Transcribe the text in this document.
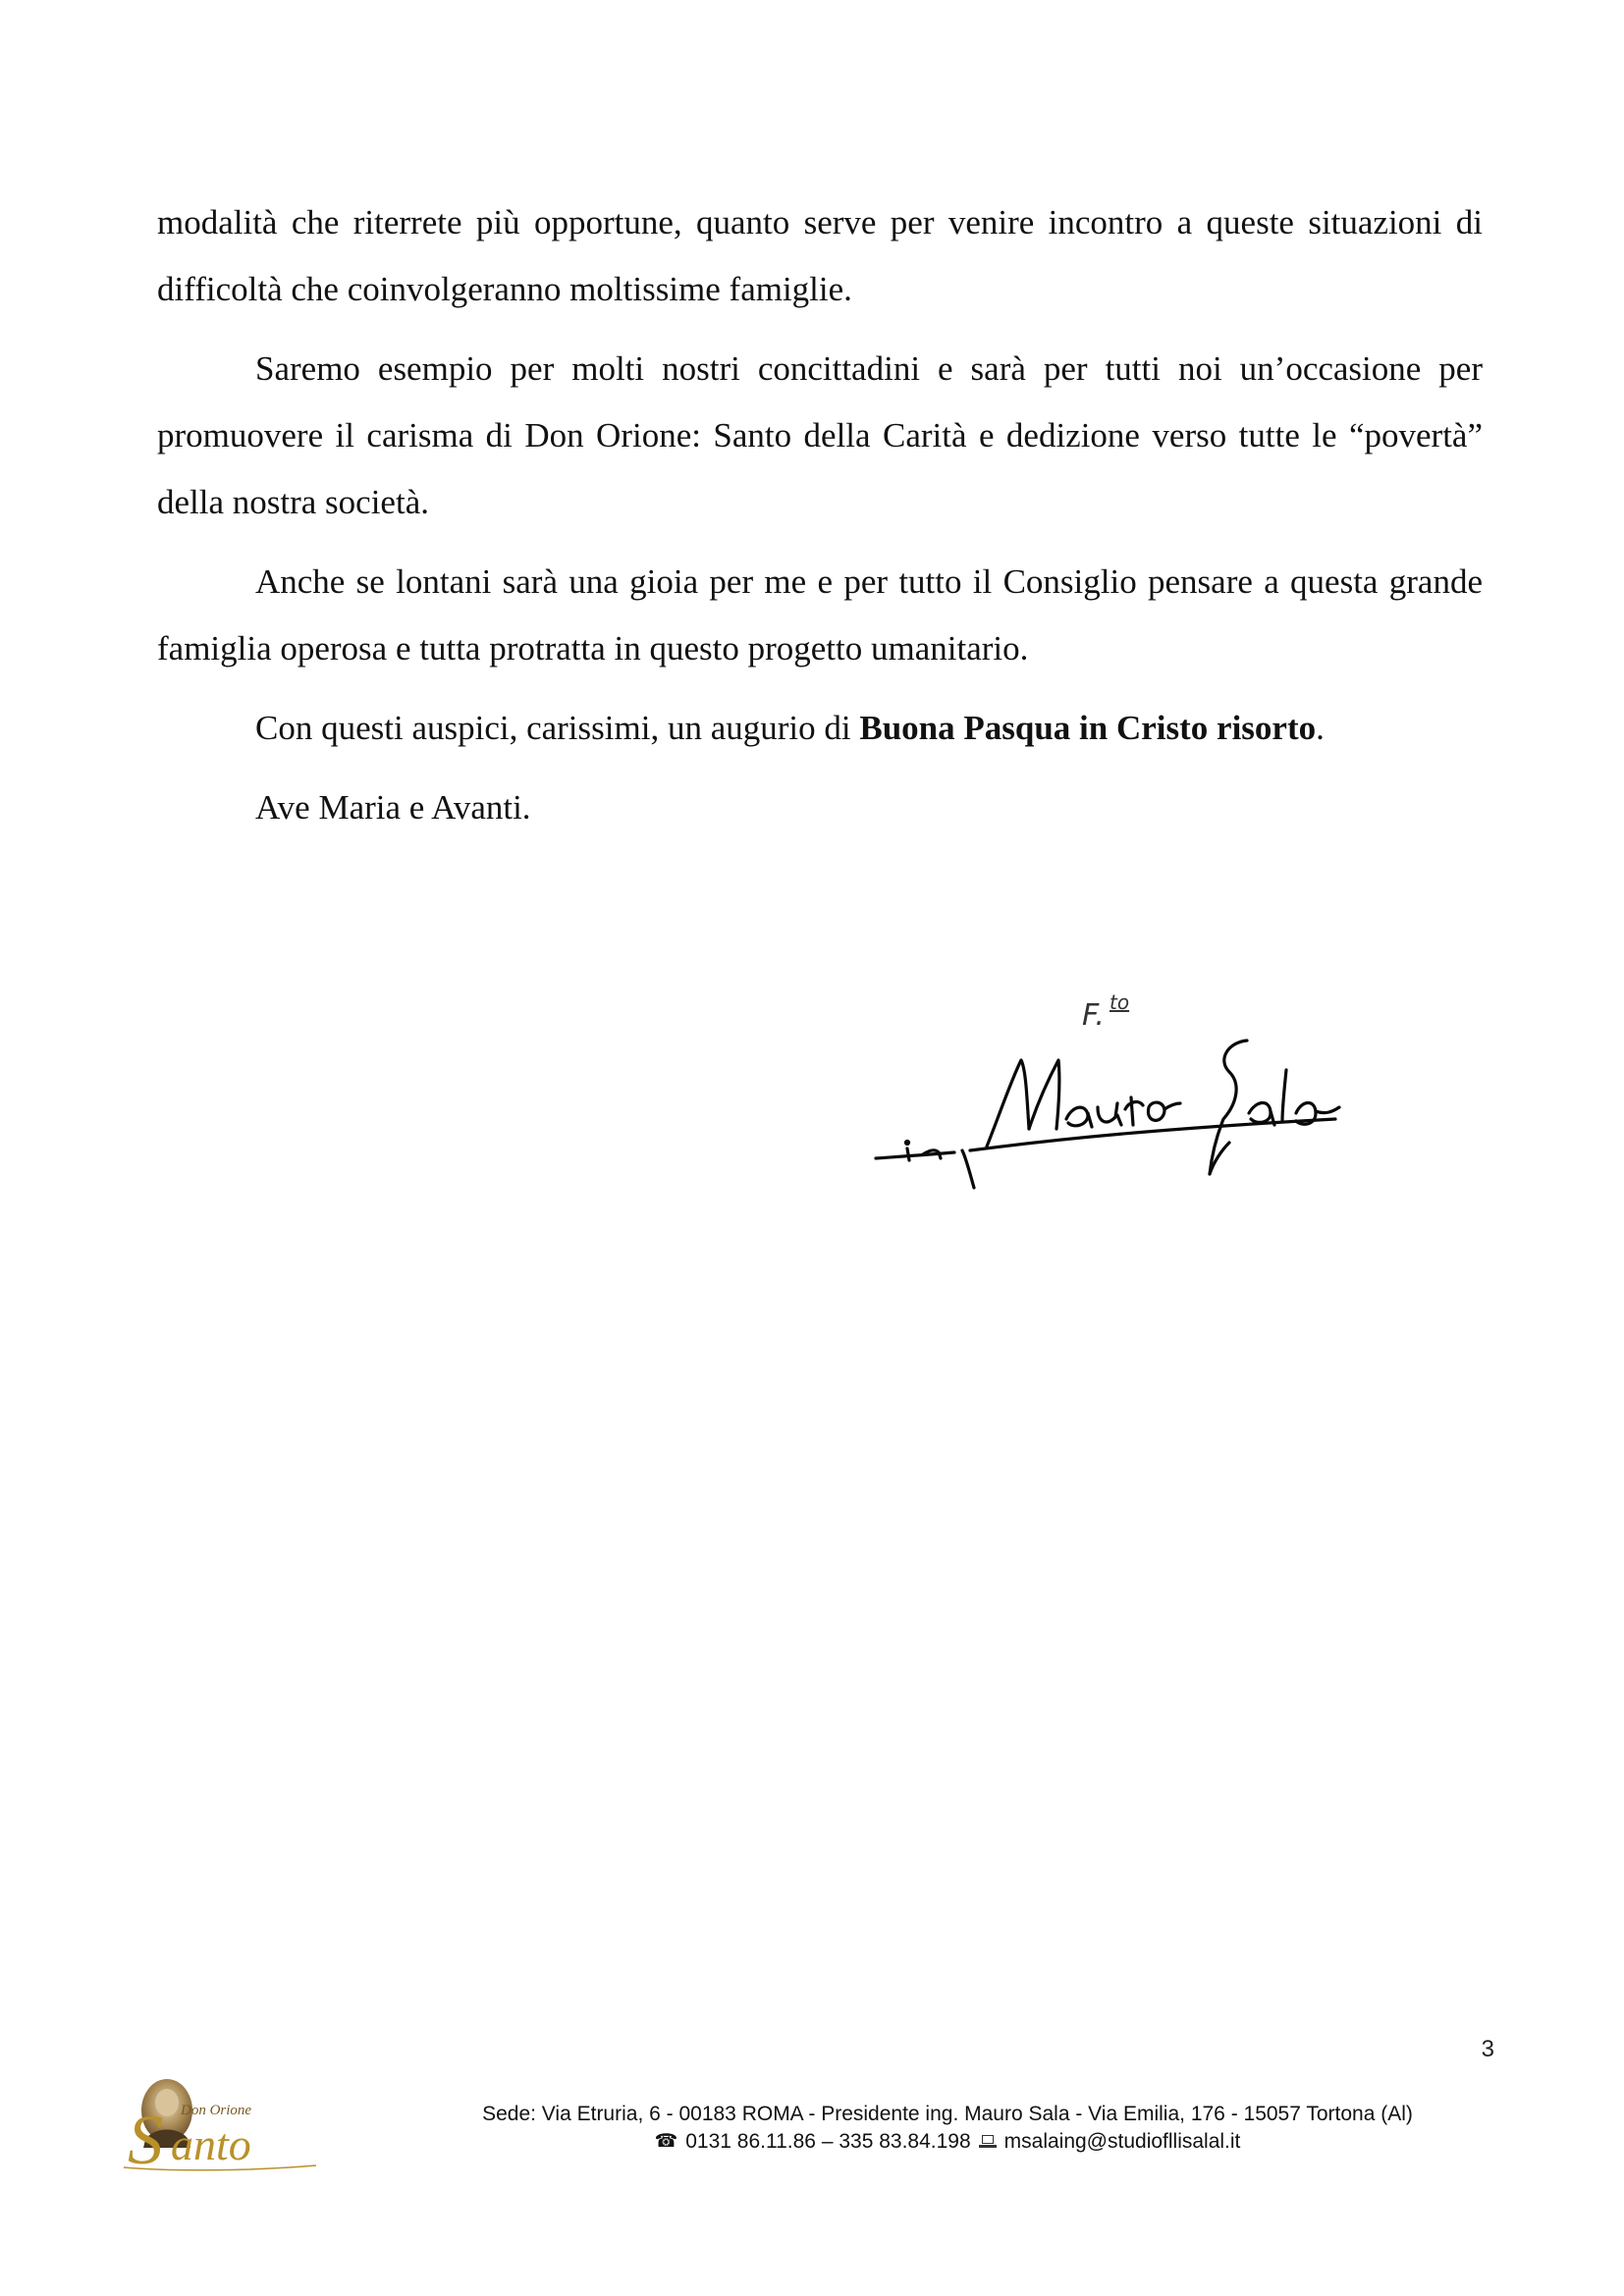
modalità che riterrete più opportune, quanto serve per venire incontro a queste situazioni di difficoltà che coinvolgeranno moltissime famiglie.

Saremo esempio per molti nostri concittadini e sarà per tutti noi un’occasione per promuovere il carisma di Don Orione: Santo della Carità e dedizione verso tutte le “povertà” della nostra società.

Anche se lontani sarà una gioia per me e per tutto il Consiglio pensare a questa grande famiglia operosa e tutta protratta in questo progetto umanitario.

Con questi auspici, carissimi, un augurio di Buona Pasqua in Cristo risorto.

Ave Maria e Avanti.

F. to
3
Don Orione
S anto
Sede: Via Etruria, 6 - 00183 ROMA - Presidente ing. Mauro Sala - Via Emilia, 176 - 15057 Tortona (Al)
☎ 0131 86.11.86 – 335 83.84.198 msalaing@studiofllisalal.it
